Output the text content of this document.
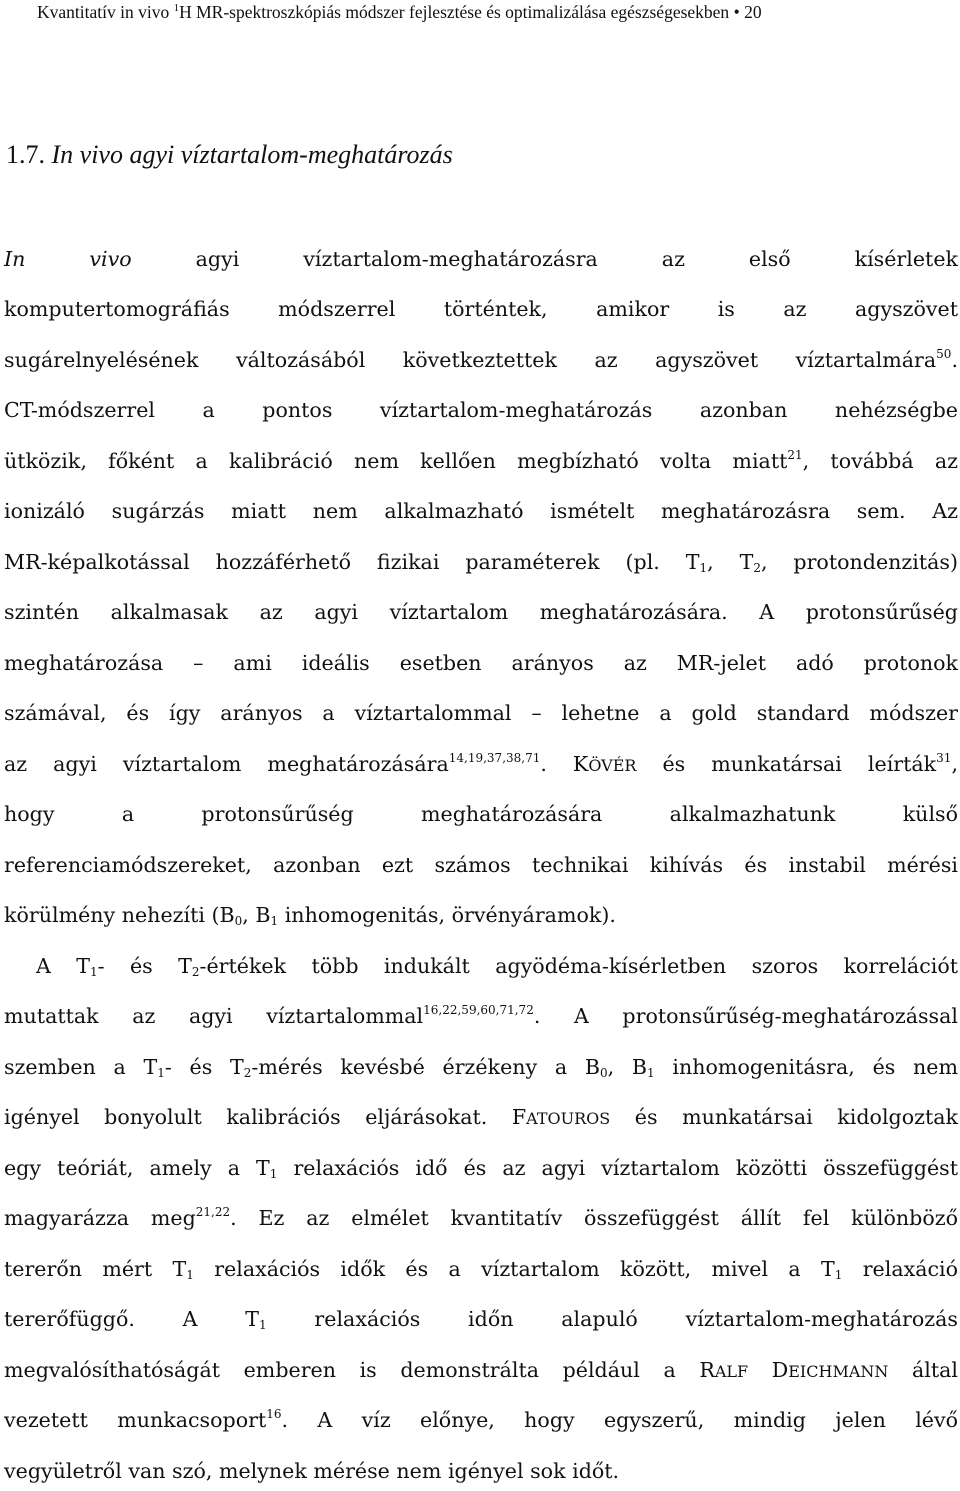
Kvantitatív in vivo $^1$H MR-spektroszkópiás módszer fejlesztése és optimalizálása egészségesekben • 20
1.7. In vivo agyi víztartalom-meghatározás
In vivo agyi víztartalom-meghatározásra az első kísérletek
komputertomográfiás módszerrel történtek, amikor is az agyszövet
sugárelnyelésének változásából következtettek az agyszövet víztartalmára$^{50}$.
CT-módszerrel a pontos víztartalom-meghatározás azonban nehézségbe
ütközik, főként a kalibráció nem kellően megbízható volta miatt$^{21}$, továbbá az
ionizáló sugárzás miatt nem alkalmazható ismételt meghatározásra sem. Az
MR-képalkotással hozzáférhető fizikai paraméterek (pl. $T_1$, $T_2$, protondenzitás)
szintén alkalmasak az agyi víztartalom meghatározására. A protonsűrűség
meghatározása – ami ideális esetben arányos az MR-jelet adó protonok
számával, és így arányos a víztartalommal – lehetne a gold standard módszer
az agyi víztartalom meghatározására$^{14,19,37,38,71}$. KÖVÉR és munkatársai leírták$^{31}$,
hogy a protonsűrűség meghatározására alkalmazhatunk külső
referenciamódszereket, azonban ezt számos technikai kihívás és instabil mérési
körülmény nehezíti ($B_0$, $B_1$ inhomogenitás, örvényáramok).
A $T_1-$ és $T_2$-értékek több indukált agyödéma-kísérletben szoros korrelációt
mutattak az agyi víztartalommal$^{16,22,59,60,71,72}$. A protonsűrűség-meghatározással
szemben a $T_1-$ és $T_2$-mérés kevésbé érzékeny a $B_0$, $B_1$ inhomogenitásra, és nem
igényel bonyolult kalibrációs eljárásokat. FATOUROS és munkatársai kidolgoztak
egy teóriát, amely a $T_1$ relaxációs idő és az agyi víztartalom közötti összefüggést
magyarázza meg$^{21,22}$. Ez az elmélet kvantitatív összefüggést állít fel különböző
tererőn mért $T_1$ relaxációs idők és a víztartalom között, mivel a $T_1$ relaxáció
tererőfüggő. A $T_1$ relaxációs időn alapuló víztartalom-meghatározás
megvalósíthatóságát emberen is demonstrálta például a RALF DEICHMANN által
vezetett munkacsoport$^{16}$. A víz előnye, hogy egyszerű, mindig jelen lévő
vegyületről van szó, melynek mérése nem igényel sok időt.
